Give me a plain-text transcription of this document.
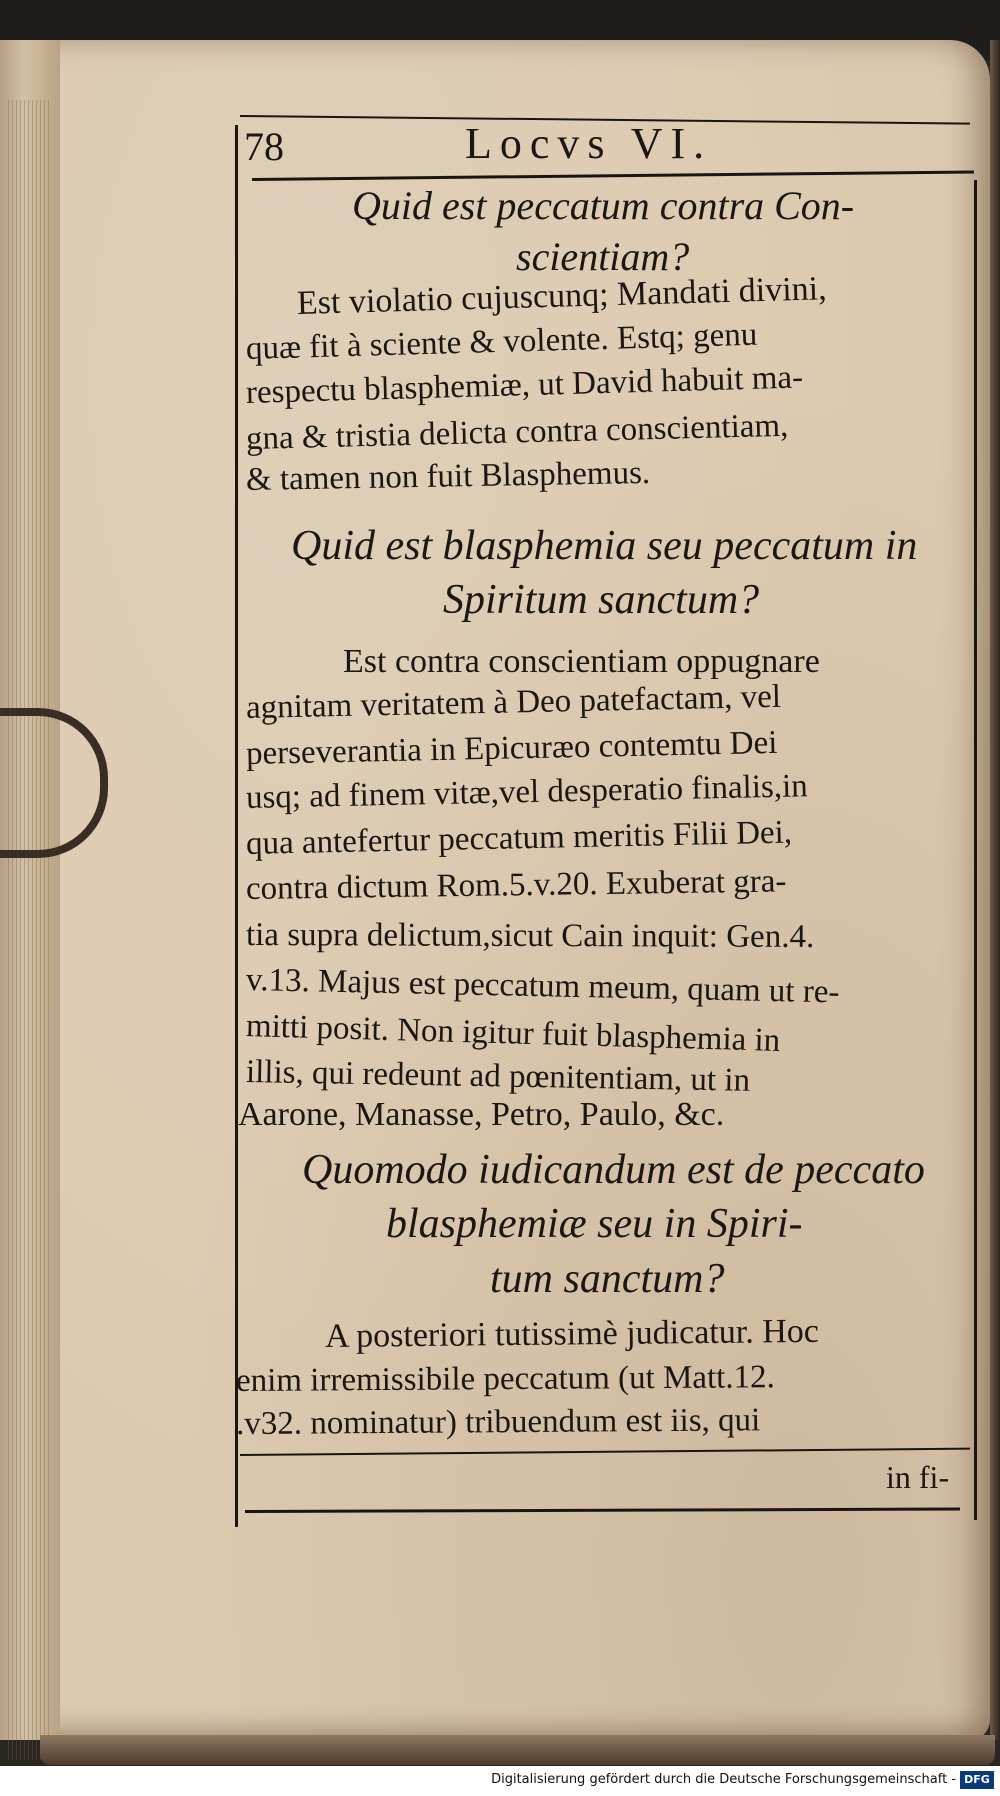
78	Locvs VI.
Quid est peccatum contra Con-
scientiam?
Est violatio cujuscunq; Mandati divini,
quæ fit à sciente & volente. Estq; genu
respectu blasphemiæ, ut David habuit ma-
gna & tristia delicta contra conscientiam,
& tamen non fuit Blasphemus.
Quid est blasphemia seu peccatum in
Spiritum sanctum?
Est contra conscientiam oppugnare
agnitam veritatem à Deo patefactam, vel
perseverantia in Epicuræo contemtu Dei
usq; ad finem vitæ,vel desperatio finalis,in
qua antefertur peccatum meritis Filii Dei,
contra dictum Rom.5.v.20. Exuberat gra-
tia supra delictum,sicut Cain inquit: Gen.4.
v.13. Majus est peccatum meum, quam ut re-
mitti posit. Non igitur fuit blasphemia in
illis, qui redeunt ad pœnitentiam, ut in
Aarone, Manasse, Petro, Paulo, &c.
Quomodo iudicandum est de peccato
blasphemiæ seu in Spiri-
tum sanctum?
A posteriori tutissimè judicatur. Hoc
enim irremissibile peccatum (ut Matt.12.
.v32. nominatur) tribuendum est iis, qui
in fi-
Digitalisierung gefördert durch die Deutsche Forschungsgemeinschaft - DFG
